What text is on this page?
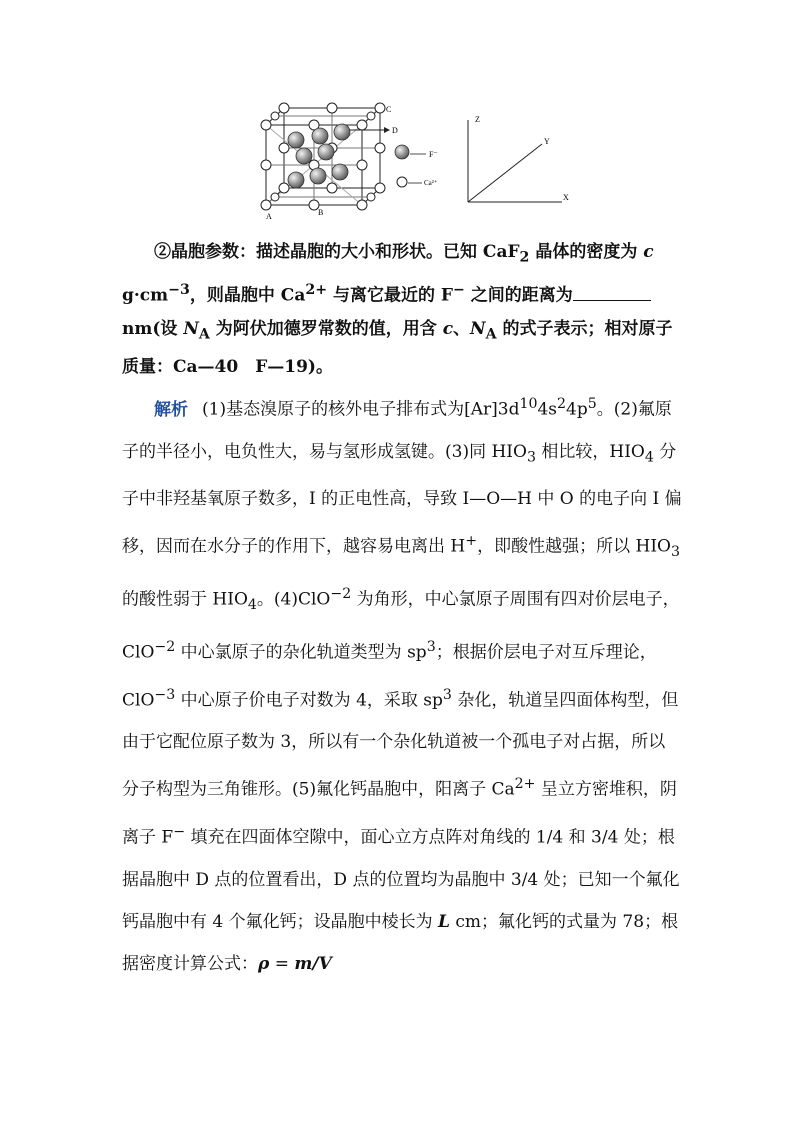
A	B
C
D
F⁻
Ca²⁺
Z
Y
X

②晶胞参数：描述晶胞的大小和形状。已知 CaF$_2$ 晶体的密度为 c $g\cdot cm^{-3}$，则晶胞中 $Ca^{2+}$ 与离它最近的 F− 之间的距离为 nm(设 $N_A$ 为阿伏加德罗常数的值，用含 c、$N_A$ 的式子表示；相对原子质量：Ca—40　F—19)。

解析 (1)基态溴原子的核外电子排布式为$[Ar]3d^{10}4s^24p^5$。(2)氟原子的半径小，电负性大，易与氢形成氢键。(3)同 $HIO_3$ 相比较，$HIO_4$ 分子中非羟基氧原子数多，I 的正电性高，导致 I—O—H 中 O 的电子向 I 偏移，因而在水分子的作用下，越容易电离出 H+，即酸性越强；所以 $HIO_3$ 的酸性弱于 $HIO_4$。(4)ClO$^{-2}$ 为角形，中心氯原子周围有四对价层电子，ClO$^{-2}$ 中心氯原子的杂化轨道类型为 $sp^3$；根据价层电子对互斥理论，ClO$^{-3}$ 中心原子价电子对数为 4，采取 $sp^3$ 杂化，轨道呈四面体构型，但由于它配位原子数为 3，所以有一个杂化轨道被一个孤电子对占据，所以分子构型为三角锥形。(5)氟化钙晶胞中，阳离子 $Ca^{2+}$ 呈立方密堆积，阴离子 F− 填充在四面体空隙中，面心立方点阵对角线的 1/4 和 3/4 处；根据晶胞中 D 点的位置看出，D 点的位置均为晶胞中 3/4 处；已知一个氟化钙晶胞中有 4 个氟化钙；设晶胞中棱长为 L cm；氟化钙的式量为 78；根据密度计算公式：ρ = m/V
